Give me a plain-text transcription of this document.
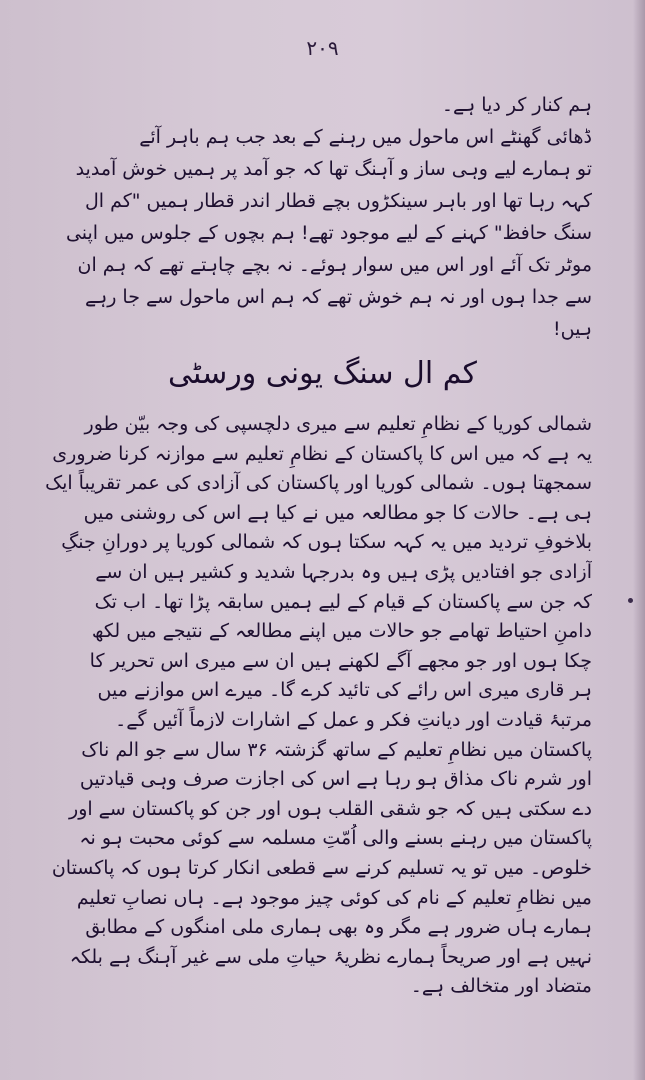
۲۰۹
ہم کنار کر دیا ہے۔
ڈھائی گھنٹے اس ماحول میں رہنے کے بعد جب ہم باہر آئے
تو ہمارے لیے وہی ساز و آہنگ تھا کہ جو آمد پر ہمیں خوش آمدید
کہہ رہا تھا اور باہر سینکڑوں بچے قطار اندر قطار ہمیں "کم ال
سنگ حافظ" کہنے کے لیے موجود تھے! ہم بچوں کے جلوس میں اپنی
موٹر تک آئے اور اس میں سوار ہوئے۔ نہ بچے چاہتے تھے کہ ہم ان
سے جدا ہوں اور نہ ہم خوش تھے کہ ہم اس ماحول سے جا رہے
ہیں!
کم ال سنگ یونی ورسٹی
شمالی کوریا کے نظامِ تعلیم سے میری دلچسپی کی وجہ بیّن طور
یہ ہے کہ میں اس کا پاکستان کے نظامِ تعلیم سے موازنہ کرنا ضروری
سمجھتا ہوں۔ شمالی کوریا اور پاکستان کی آزادی کی عمر تقریباً ایک
ہی ہے۔ حالات کا جو مطالعہ میں نے کیا ہے اس کی روشنی میں
بلاخوفِ تردید میں یہ کہہ سکتا ہوں کہ شمالی کوریا پر دورانِ جنگِ
آزادی جو افتادیں پڑی ہیں وہ بدرجہا شدید و کشیر ہیں ان سے
کہ جن سے پاکستان کے قیام کے لیے ہمیں سابقہ پڑا تھا۔ اب تک
دامنِ احتیاط تھامے جو حالات میں اپنے مطالعہ کے نتیجے میں لکھ
چکا ہوں اور جو مجھے آگے لکھنے ہیں ان سے میری اس تحریر کا
ہر قاری میری اس رائے کی تائید کرے گا۔ میرے اس موازنے میں
مرتبۂ قیادت اور دیانتِ فکر و عمل کے اشارات لازماً آئیں گے۔
پاکستان میں نظامِ تعلیم کے ساتھ گزشتہ ۳۶ سال سے جو الم ناک
اور شرم ناک مذاق ہو رہا ہے اس کی اجازت صرف وہی قیادتیں
دے سکتی ہیں کہ جو شقی القلب ہوں اور جن کو پاکستان سے اور
پاکستان میں رہنے بسنے والی اُمّتِ مسلمہ سے کوئی محبت ہو نہ
خلوص۔ میں تو یہ تسلیم کرنے سے قطعی انکار کرتا ہوں کہ پاکستان
میں نظامِ تعلیم کے نام کی کوئی چیز موجود ہے۔ ہاں نصابِ تعلیم
ہمارے ہاں ضرور ہے مگر وہ بھی ہماری ملی امنگوں کے مطابق
نہیں ہے اور صریحاً ہمارے نظریۂ حیاتِ ملی سے غیر آہنگ ہے بلکہ
متضاد اور متخالف ہے۔
